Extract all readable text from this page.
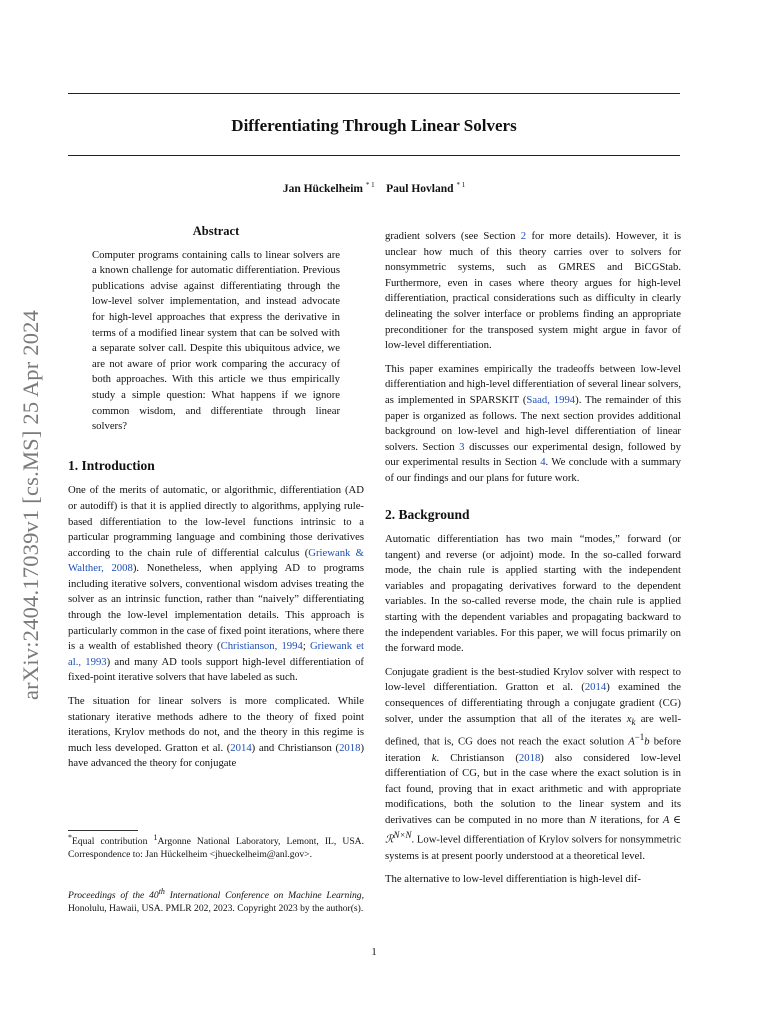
Differentiating Through Linear Solvers
Jan Hückelheim $^{* 1}$ Paul Hovland $^{* 1}$
arXiv:2404.17039v1 [cs.MS] 25 Apr 2024
Abstract

Computer programs containing calls to linear solvers are a known challenge for automatic differentiation. Previous publications advise against differentiating through the low-level solver implementation, and instead advocate for high-level approaches that express the derivative in terms of a modified linear system that can be solved with a separate solver call. Despite this ubiquitous advice, we are not aware of prior work comparing the accuracy of both approaches. With this article we thus empirically study a simple question: What happens if we ignore common wisdom, and differentiate through linear solvers?

1. Introduction

One of the merits of automatic, or algorithmic, differentiation (AD or autodiff) is that it is applied directly to algorithms, applying rule-based differentiation to the low-level functions intrinsic to a particular programming language and combining those derivatives according to the chain rule of differential calculus (Griewank & Walther, 2008). Nonetheless, when applying AD to programs including iterative solvers, conventional wisdom advises treating the solver as an intrinsic function, rather than “naively” differentiating through the low-level implementation details. This approach is particularly common in the case of fixed point iterations, where there is a wealth of established theory (Christianson, 1994; Griewank et al., 1993) and many AD tools support high-level differentiation of fixed-point iterative solvers that have labeled as such.

The situation for linear solvers is more complicated. While stationary iterative methods adhere to the theory of fixed point iterations, Krylov methods do not, and the theory in this regime is much less developed. Gratton et al. (2014) and Christianson (2018) have advanced the theory for conjugate

*Equal contribution $^1$Argonne National Laboratory, Lemont, IL, USA. Correspondence to: Jan Hückelheim <jhueckelheim@anl.gov>.

Proceedings of the 40th International Conference on Machine Learning, Honolulu, Hawaii, USA. PMLR 202, 2023. Copyright 2023 by the author(s).

gradient solvers (see Section 2 for more details). However, it is unclear how much of this theory carries over to solvers for nonsymmetric systems, such as GMRES and BiCGStab. Furthermore, even in cases where theory argues for high-level differentiation, practical considerations such as difficulty in clearly delineating the solver interface or problems finding an appropriate preconditioner for the transposed system might argue in favor of low-level differentiation.

This paper examines empirically the tradeoffs between low-level differentiation and high-level differentiation of several linear solvers, as implemented in SPARSKIT (Saad, 1994). The remainder of this paper is organized as follows. The next section provides additional background on low-level and high-level differentiation of linear solvers. Section 3 discusses our experimental design, followed by our experimental results in Section 4. We conclude with a summary of our findings and our plans for future work.

2. Background

Automatic differentiation has two main “modes,” forward (or tangent) and reverse (or adjoint) mode. In the so-called forward mode, the chain rule is applied starting with the independent variables and propagating derivatives forward to the dependent variables. In the so-called reverse mode, the chain rule is applied starting with the dependent variables and propagating backward to the independent variables. For this paper, we will focus primarily on the forward mode.

Conjugate gradient is the best-studied Krylov solver with respect to low-level differentiation. Gratton et al. (2014) examined the consequences of differentiating through a conjugate gradient (CG) solver, under the assumption that all of the iterates $x_k$ are well-defined, that is, CG does not reach the exact solution $A^{-1}b$ before iteration k. Christianson (2018) also considered low-level differentiation of CG, but in the case where the exact solution is in fact found, proving that in exact arithmetic and with appropriate modifications, both the solution to the linear system and its derivatives can be computed in no more than N iterations, for A ∈ ℛ$^{N\times N}$. Low-level differentiation of Krylov solvers for nonsymmetric systems is at present poorly understood at a theoretical level.

The alternative to low-level differentiation is high-level dif-

1
